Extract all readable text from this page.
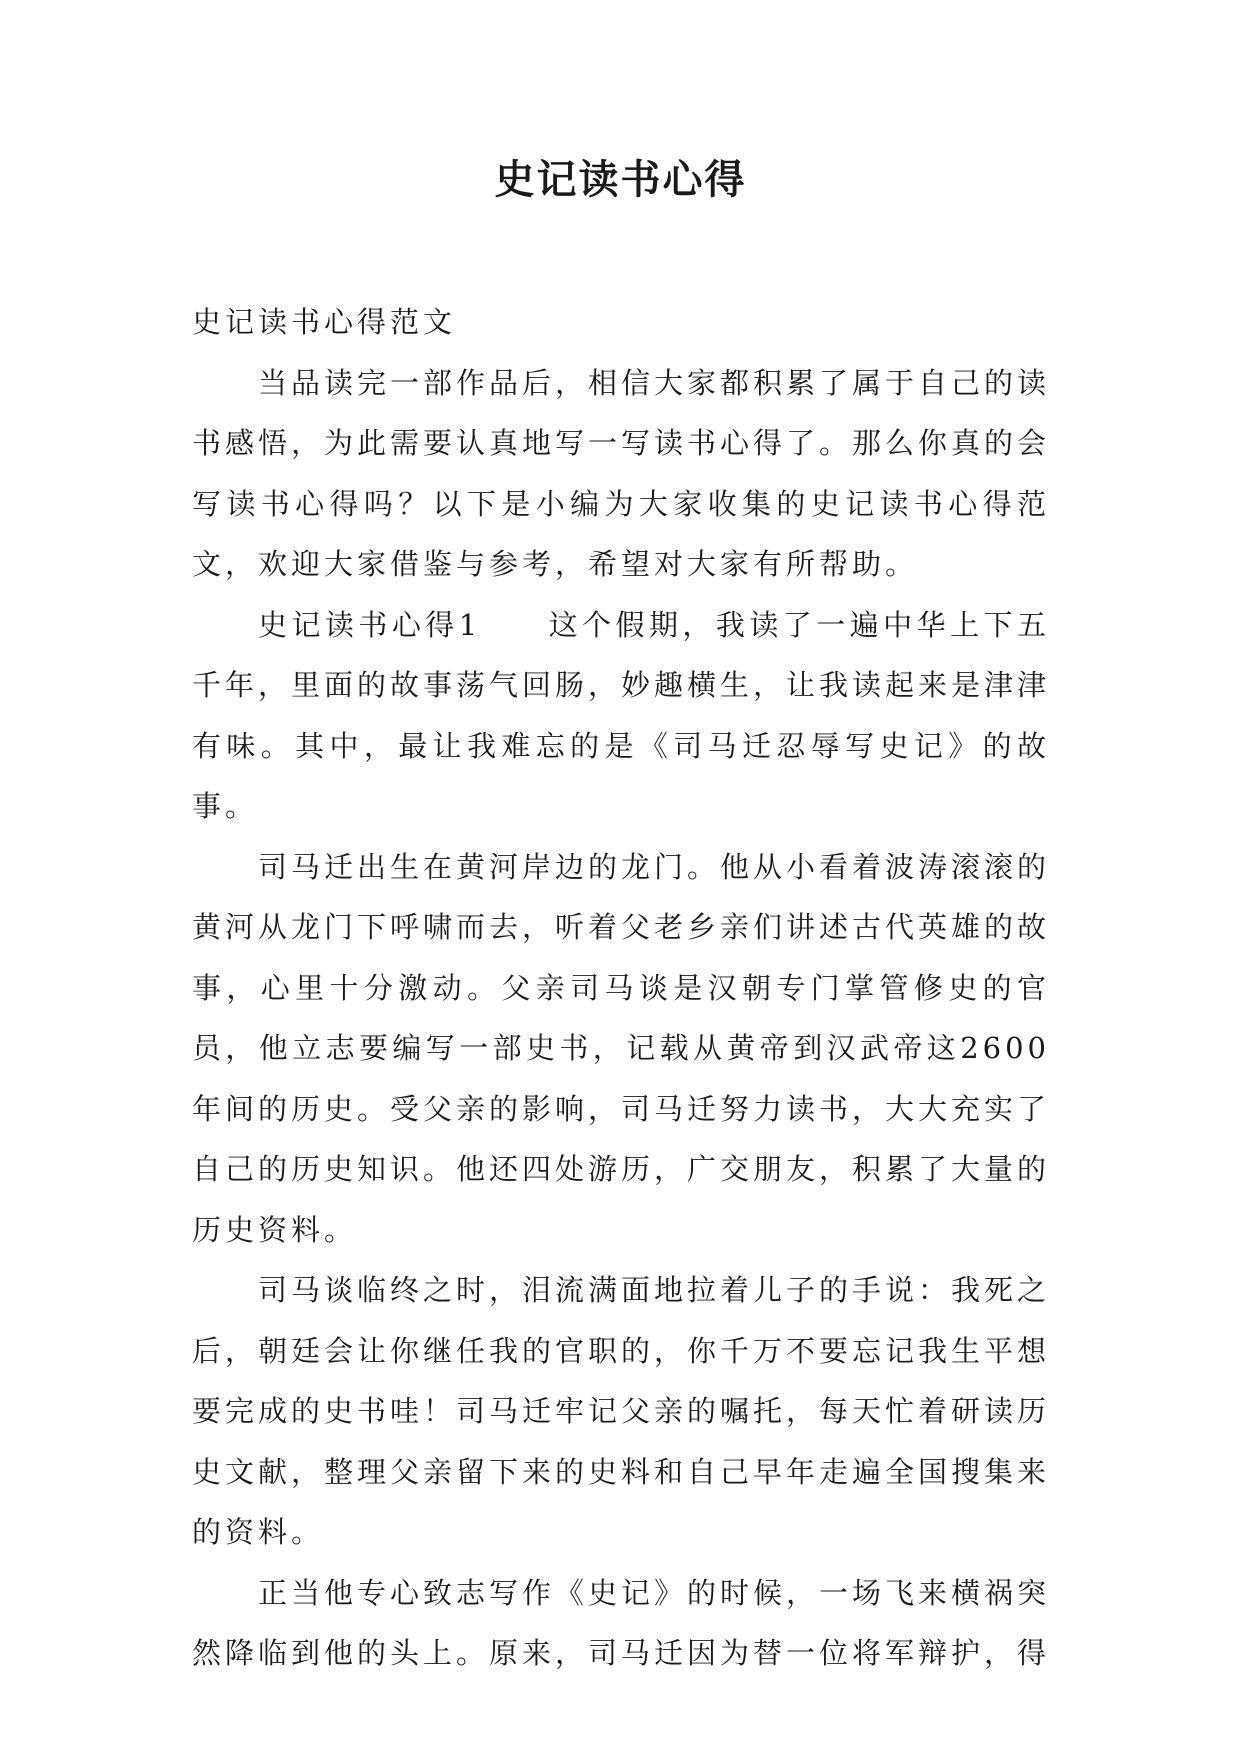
史记读书心得

史记读书心得范文

当品读完一部作品后，相信大家都积累了属于自己的读书感悟，为此需要认真地写一写读书心得了。那么你真的会写读书心得吗？以下是小编为大家收集的史记读书心得范文，欢迎大家借鉴与参考，希望对大家有所帮助。

史记读书心得1　　这个假期，我读了一遍中华上下五千年，里面的故事荡气回肠，妙趣横生，让我读起来是津津有味。其中，最让我难忘的是《司马迁忍辱写史记》的故事。

司马迁出生在黄河岸边的龙门。他从小看着波涛滚滚的黄河从龙门下呼啸而去，听着父老乡亲们讲述古代英雄的故事，心里十分激动。父亲司马谈是汉朝专门掌管修史的官员，他立志要编写一部史书，记载从黄帝到汉武帝这2600年间的历史。受父亲的影响，司马迁努力读书，大大充实了自己的历史知识。他还四处游历，广交朋友，积累了大量的历史资料。

司马谈临终之时，泪流满面地拉着儿子的手说：我死之后，朝廷会让你继任我的官职的，你千万不要忘记我生平想要完成的史书哇！司马迁牢记父亲的嘱托，每天忙着研读历史文献，整理父亲留下来的史料和自己早年走遍全国搜集来的资料。

正当他专心致志写作《史记》的时候，一场飞来横祸突然降临到他的头上。原来，司马迁因为替一位将军辩护，得
